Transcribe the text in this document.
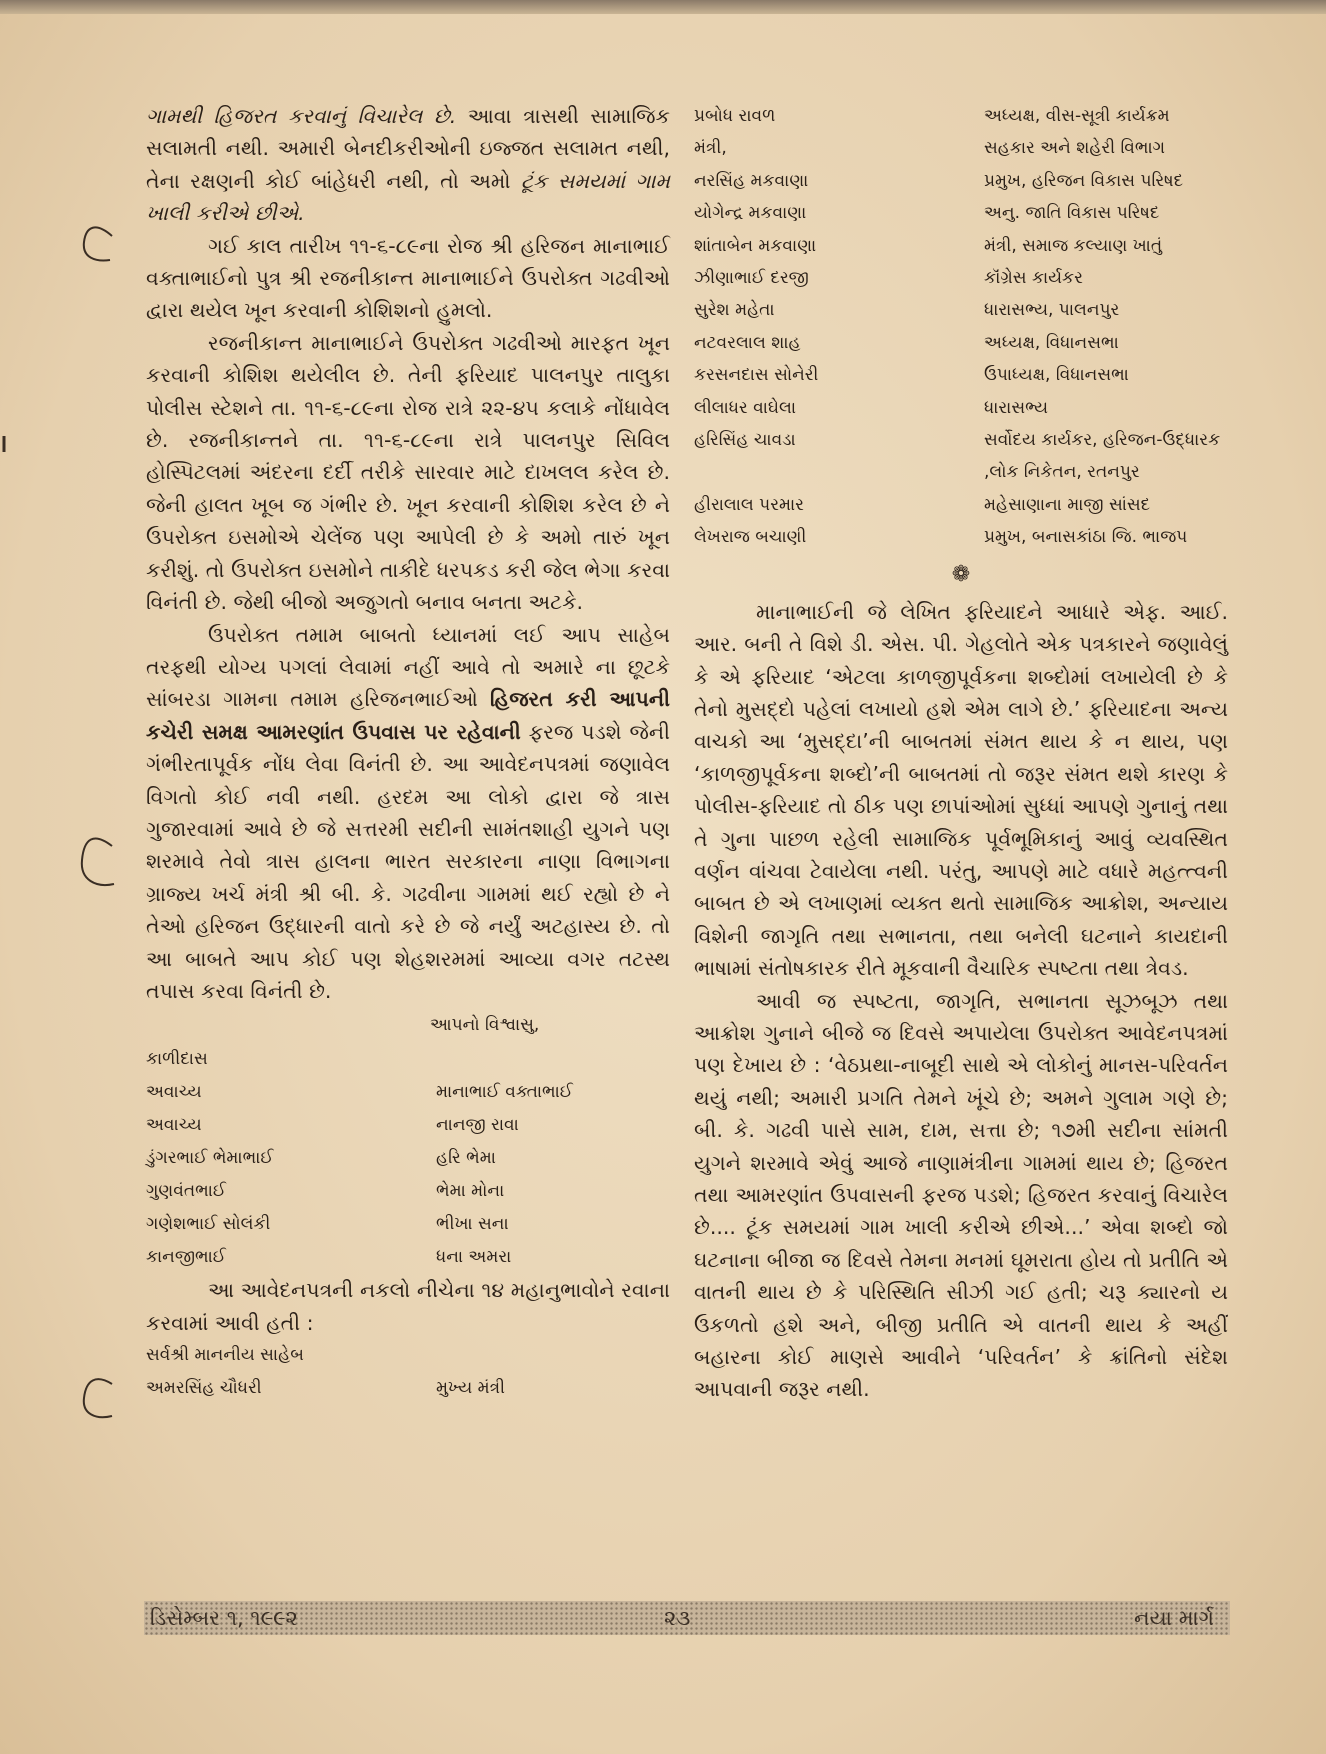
ગામથી હિજરત કરવાનું વિચારેલ છે. આવા ત્રાસથી સામાજિક સલામતી નથી. અમારી બેનદીકરીઓની ઇજ્જત સલામત નથી, તેના રક્ષણની કોઈ બાંહેધરી નથી, તો અમો ટૂંક સમયમાં ગામ ખાલી કરીએ છીએ.

ગઈ કાલ તારીખ ૧૧-૬-૮૯ના રોજ શ્રી હરિજન માનાભાઈ વક્તાભાઈનો પુત્ર શ્રી રજનીકાન્ત માનાભાઈને ઉપરોક્ત ગઢવીઓ દ્વારા થયેલ ખૂન કરવાની કોશિશનો હુમલો.

રજનીકાન્ત માનાભાઈને ઉપરોક્ત ગઢવીઓ મારફત ખૂન કરવાની કોશિશ થયેલીલ છે. તેની ફરિયાદ પાલનપુર તાલુકા પોલીસ સ્ટેશને તા. ૧૧-૬-૮૯ના રોજ રાત્રે ૨૨-૪૫ કલાકે નોંધાવેલ છે. રજનીકાન્તને તા. ૧૧-૬-૮૯ના રાત્રે પાલનપુર સિવિલ હોસ્પિટલમાં અંદરના દર્દી તરીકે સારવાર માટે દાખલલ કરેલ છે. જેની હાલત ખૂબ જ ગંભીર છે. ખૂન કરવાની કોશિશ કરેલ છે ને ઉપરોક્ત ઇસમોએ ચેલેંજ પણ આપેલી છે કે અમો તારું ખૂન કરીશું. તો ઉપરોક્ત ઇસમોને તાકીદે ધરપકડ કરી જેલ ભેગા કરવા વિનંતી છે. જેથી બીજો અજુગતો બનાવ બનતા અટકે.

ઉપરોક્ત તમામ બાબતો ધ્યાનમાં લઈ આપ સાહેબ તરફથી યોગ્ય પગલાં લેવામાં નહીં આવે તો અમારે ના છૂટકે સાંબરડા ગામના તમામ હરિજનભાઈઓ હિજરત કરી આપની કચેરી સમક્ષ આમરણાંત ઉપવાસ પર રહેવાની ફરજ પડશે જેની ગંભીરતાપૂર્વક નોંધ લેવા વિનંતી છે. આ આવેદનપત્રમાં જણાવેલ વિગતો કોઈ નવી નથી. હરદમ આ લોકો દ્વારા જે ત્રાસ ગુજારવામાં આવે છે જે સત્તરમી સદીની સામંતશાહી યુગને પણ શરમાવે તેવો ત્રાસ હાલના ભારત સરકારના નાણા વિભાગના ગ્રાજ્ય ખર્ચ મંત્રી શ્રી બી. કે. ગઢવીના ગામમાં થઈ રહ્યો છે ને તેઓ હરિજન ઉદ્ધારની વાતો કરે છે જે નર્યું અટહાસ્ય છે. તો આ બાબતે આપ કોઈ પણ શેહશરમમાં આવ્યા વગર તટસ્થ તપાસ કરવા વિનંતી છે.

આપનો વિશ્વાસુ,
કાળીદાસ
અવાચ્ય	માનાભાઈ વક્તાભાઈ
અવાચ્ય	નાનજી રાવા
ડુંગરભાઈ ભેમાભાઈ	હરિ ભેમા
ગુણવંતભાઈ	ભેમા મોના
ગણેશભાઈ સોલંકી	ભીખા સના
કાનજીભાઈ	ધના અમરા

આ આવેદનપત્રની નકલો નીચેના ૧૪ મહાનુભાવોને રવાના કરવામાં આવી હતી :

સર્વશ્રી માનનીય સાહેબ
અમરસિંહ ચૌધરી	મુખ્ય મંત્રી
પ્રબોધ રાવળ	અધ્યક્ષ, વીસ-સૂત્રી કાર્યક્રમ
મંત્રી,	સહકાર અને શહેરી વિભાગ
નરસિંહ મકવાણા	પ્રમુખ, હરિજન વિકાસ પરિષદ
યોગેન્દ્ર મકવાણા	અનુ. જાતિ વિકાસ પરિષદ
શાંતાબેન મકવાણા	મંત્રી, સમાજ કલ્યાણ ખાતું
ઝીણાભાઈ દરજી	કૉંગ્રેસ કાર્યકર
સુરેશ મહેતા	ધારાસભ્ય, પાલનપુર
નટવરલાલ શાહ	અધ્યક્ષ, વિધાનસભા
કરસનદાસ સોનેરી	ઉપાધ્યક્ષ, વિધાનસભા
લીલાધર વાઘેલા	ધારાસભ્ય
હરિસિંહ ચાવડા	સર્વોદય કાર્યકર, હરિજન-ઉદ્ધારક ,લોક નિકેતન, રતનપુર
હીરાલાલ પરમાર	મહેસાણાના માજી સાંસદ
લેખરાજ બચાણી	પ્રમુખ, બનાસકાંઠા જિ. ભાજપ
❁

માનાભાઈની જે લેખિત ફરિયાદને આધારે એફ. આઈ. આર. બની તે વિશે ડી. એસ. પી. ગેહલોતે એક પત્રકારને જણાવેલું કે એ ફરિયાદ ‘એટલા કાળજીપૂર્વકના શબ્દોમાં લખાયેલી છે કે તેનો મુસદ્દો પહેલાં લખાયો હશે એમ લાગે છે.’ ફરિયાદના અન્ય વાચકો આ ‘મુસદ્દા’ની બાબતમાં સંમત થાય કે ન થાય, પણ ‘કાળજીપૂર્વકના શબ્દો’ની બાબતમાં તો જરૂર સંમત થશે કારણ કે પોલીસ-ફરિયાદ તો ઠીક પણ છાપાંઓમાં સુધ્ધાં આપણે ગુનાનું તથા તે ગુના પાછળ રહેલી સામાજિક પૂર્વભૂમિકાનું આવું વ્યવસ્થિત વર્ણન વાંચવા ટેવાયેલા નથી. પરંતુ, આપણે માટે વધારે મહત્ત્વની બાબત છે એ લખાણમાં વ્યક્ત થતો સામાજિક આક્રોશ, અન્યાય વિશેની જાગૃતિ તથા સભાનતા, તથા બનેલી ઘટનાને કાયદાની ભાષામાં સંતોષકારક રીતે મૂકવાની વૈચારિક સ્પષ્ટતા તથા ત્રેવડ.

આવી જ સ્પષ્ટતા, જાગૃતિ, સભાનતા સૂઝબૂઝ તથા આક્રોશ ગુનાને બીજે જ દિવસે અપાયેલા ઉપરોક્ત આવેદનપત્રમાં પણ દેખાય છે : ‘વેઠપ્રથા-નાબૂદી સાથે એ લોકોનું માનસ-પરિવર્તન થયું નથી; અમારી પ્રગતિ તેમને ખૂંચે છે; અમને ગુલામ ગણે છે; બી. કે. ગઢવી પાસે સામ, દામ, સત્તા છે; ૧૭મી સદીના સાંમતી યુગને શરમાવે એવું આજે નાણામંત્રીના ગામમાં થાય છે; હિજરત તથા આમરણાંત ઉપવાસની ફરજ પડશે; હિજરત કરવાનું વિચારેલ છે.... ટૂંક સમયમાં ગામ ખાલી કરીએ છીએ...’ એવા શબ્દો જો ઘટનાના બીજા જ દિવસે તેમના મનમાં ઘૂમરાતા હોય તો પ્રતીતિ એ વાતની થાય છે કે પરિસ્થિતિ સીઝી ગઈ હતી; ચરૂ ક્યારનો ય ઉકળતો હશે અને, બીજી પ્રતીતિ એ વાતની થાય કે અહીં બહારના કોઈ માણસે આવીને ‘પરિવર્તન’ કે ક્રાંતિનો સંદેશ આપવાની જરૂર નથી.

ડિસેમ્બર ૧, ૧૯૯૨	૨૩	નયા માર્ગ
